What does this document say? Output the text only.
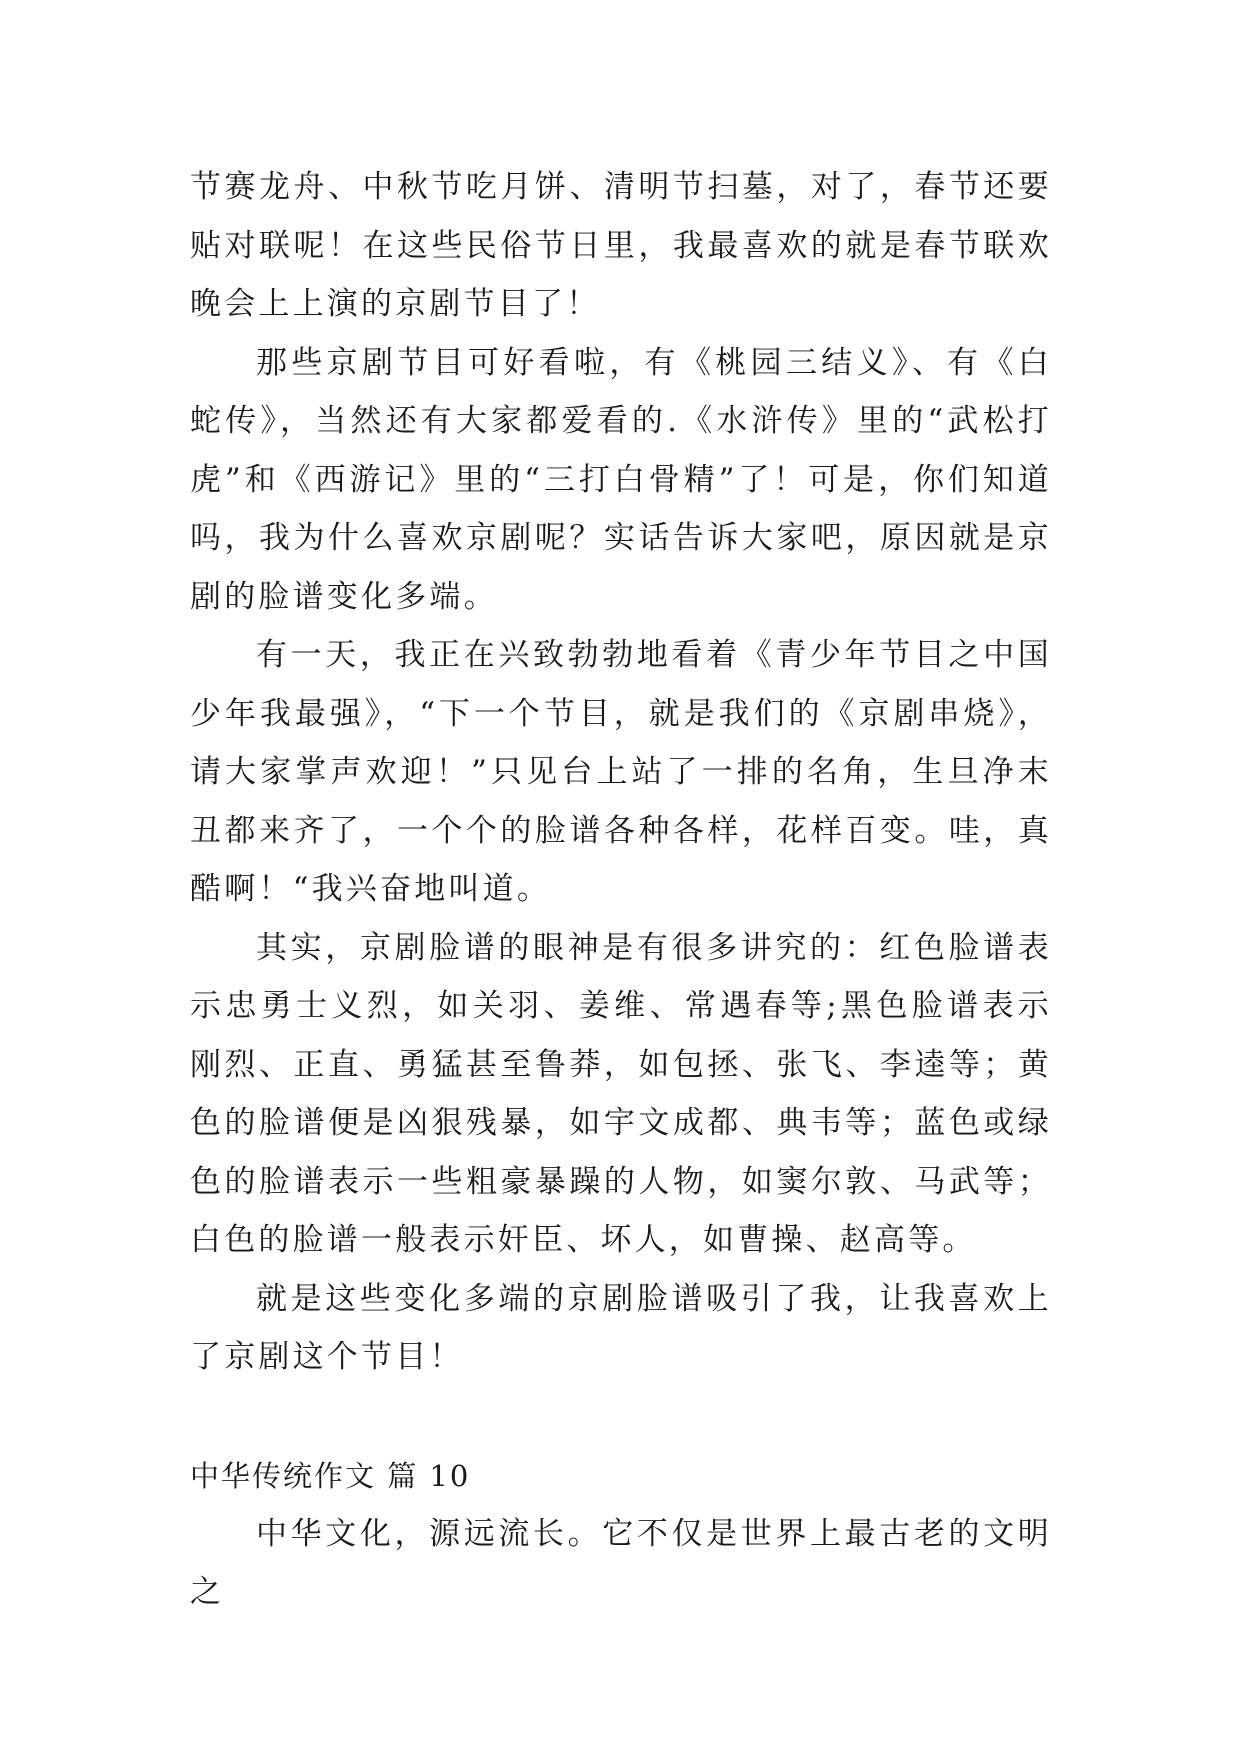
节赛龙舟、中秋节吃月饼、清明节扫墓，对了，春节还要贴对联呢！在这些民俗节日里，我最喜欢的就是春节联欢晚会上上演的京剧节目了！

那些京剧节目可好看啦，有《桃园三结义》、有《白蛇传》，当然还有大家都爱看的.《水浒传》里的“武松打虎”和《西游记》里的“三打白骨精”了！可是，你们知道吗，我为什么喜欢京剧呢？实话告诉大家吧，原因就是京剧的脸谱变化多端。

有一天，我正在兴致勃勃地看着《青少年节目之中国少年我最强》，“下一个节目，就是我们的《京剧串烧》，请大家掌声欢迎！”只见台上站了一排的名角，生旦净末丑都来齐了，一个个的脸谱各种各样，花样百变。哇，真酷啊！“我兴奋地叫道。

其实，京剧脸谱的眼神是有很多讲究的：红色脸谱表示忠勇士义烈，如关羽、姜维、常遇春等;黑色脸谱表示刚烈、正直、勇猛甚至鲁莽，如包拯、张飞、李逵等；黄色的脸谱便是凶狠残暴，如宇文成都、典韦等；蓝色或绿色的脸谱表示一些粗豪暴躁的人物，如窦尔敦、马武等；白色的脸谱一般表示奸臣、坏人，如曹操、赵高等。

就是这些变化多端的京剧脸谱吸引了我，让我喜欢上了京剧这个节目！

中华传统作文 篇 10

中华文化，源远流长。它不仅是世界上最古老的文明之
